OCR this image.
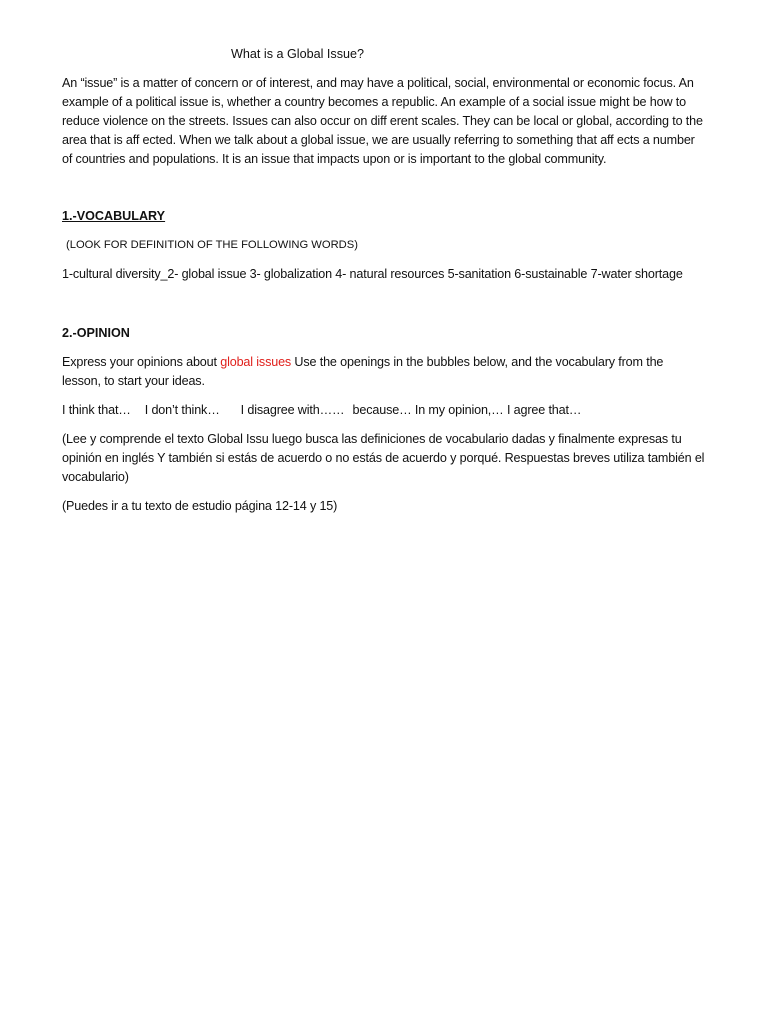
What is a Global Issue?
An “issue” is a matter of concern or of interest, and may have a political, social, environmental or economic focus. An
example of a political issue is, whether a country becomes a republic. An example of a social issue might be how to
reduce violence on the streets. Issues can also occur on diff erent scales. They can be local or global, according to the
area that is aff ected. When we talk about a global issue, we are usually referring to something that aff ects a number
of countries and populations. It is an issue that impacts upon or is important to the global community.
1.-VOCABULARY
(LOOK FOR DEFINITION OF THE FOLLOWING WORDS)
1-cultural diversity_2- global issue 3- globalization 4- natural resources 5-sanitation 6-sustainable 7-water shortage
2.-OPINION
Express your opinions about global issues Use the openings in the bubbles below, and the vocabulary from the
lesson, to start your ideas.
I think that… I don’t think… I disagree with…… because… In my opinion,… I agree that…
(Lee y comprende el texto Global Issu luego busca las definiciones de vocabulario dadas y finalmente expresas tu
opinión en inglés Y también si estás de acuerdo o no estás de acuerdo y porqué. Respuestas breves utiliza también el
vocabulario)
(Puedes ir a tu texto de estudio página 12-14 y 15)
